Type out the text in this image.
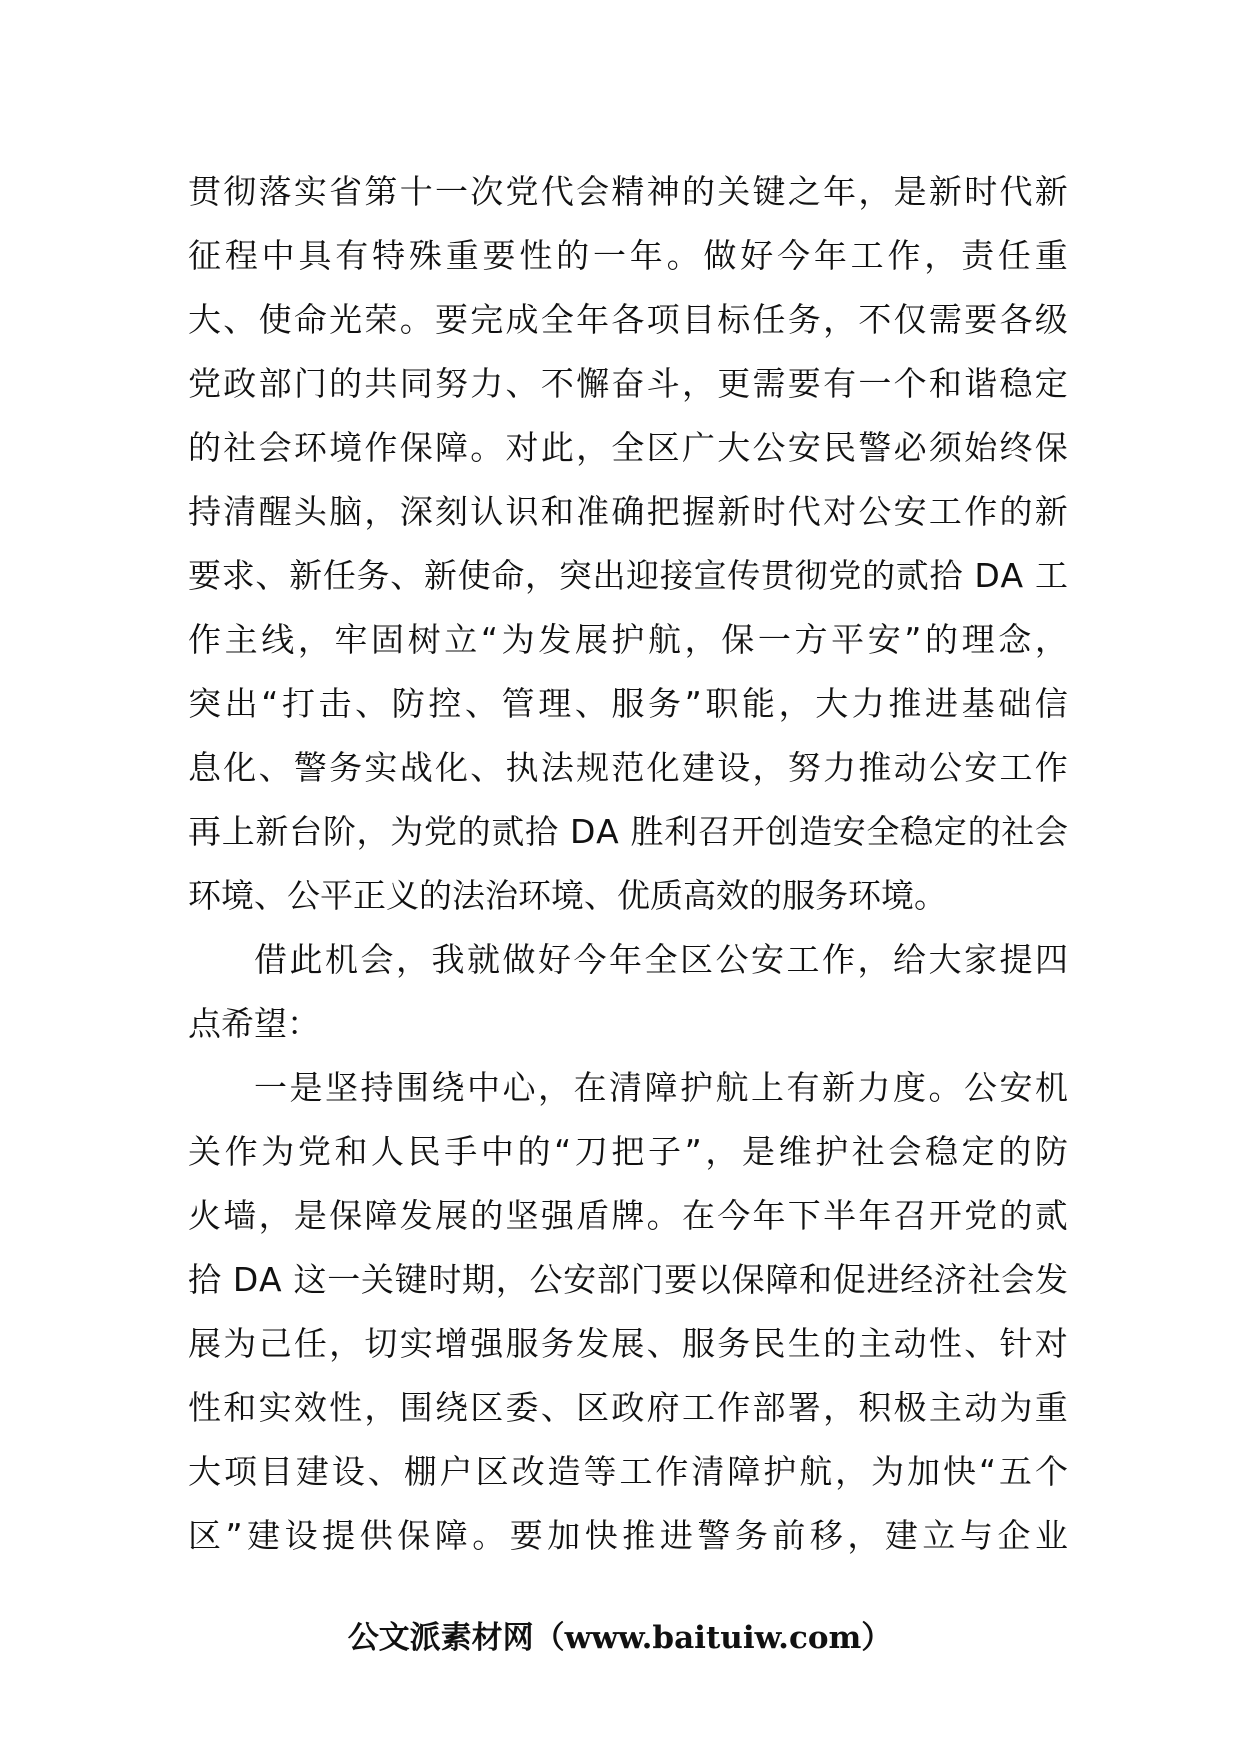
贯 彻 落 实 省 第 十 一 次 党 代 会 精 神 的 关 键 之 年 ， 是 新 时 代 新
征 程 中 具 有 特 殊 重 要 性 的 一 年 。 做 好 今 年 工 作 ， 责 任 重
大 、 使 命 光 荣 。 要 完 成 全 年 各 项 目 标 任 务 ， 不 仅 需 要 各 级
党 政 部 门 的 共 同 努 力 、 不 懈 奋 斗 ， 更 需 要 有 一 个 和 谐 稳 定
的 社 会 环 境 作 保 障 。 对 此 ， 全 区 广 大 公 安 民 警 必 须 始 终 保
持 清 醒 头 脑 ， 深 刻 认 识 和 准 确 把 握 新 时 代 对 公 安 工 作 的 新
要 求 、 新 任 务 、 新 使 命 ， 突 出 迎 接 宣 传 贯 彻 党 的 贰 拾
D A
工
作 主 线 ， 牢 固 树 立 “ 为 发 展 护 航 ， 保 一 方 平 安 ” 的 理 念 ，
突 出 “ 打 击 、 防 控 、 管 理 、 服 务 ” 职 能 ， 大 力 推 进 基 础 信
息 化 、 警 务 实 战 化 、 执 法 规 范 化 建 设 ， 努 力 推 动 公 安 工 作
再 上 新 台 阶 ， 为 党 的 贰 拾
D A
胜 利 召 开 创 造 安 全 稳 定 的 社 会
环境、公平正义的法治环境、优质高效的服务环境。
借 此 机 会 ， 我 就 做 好 今 年 全 区 公 安 工 作 ， 给 大 家 提 四
点希望：
一 是 坚 持 围 绕 中 心 ， 在 清 障 护 航 上 有 新 力 度 。 公 安 机
关 作 为 党 和 人 民 手 中 的 “ 刀 把 子 ” ， 是 维 护 社 会 稳 定 的 防
火 墙 ， 是 保 障 发 展 的 坚 强 盾 牌 。 在 今 年 下 半 年 召 开 党 的 贰
拾
D A
这 一 关 键 时 期 ， 公 安 部 门 要 以 保 障 和 促 进 经 济 社 会 发
展 为 己 任 ， 切 实 增 强 服 务 发 展 、 服 务 民 生 的 主 动 性 、 针 对
性 和 实 效 性 ， 围 绕 区 委 、 区 政 府 工 作 部 署 ， 积 极 主 动 为 重
大 项 目 建 设 、 棚 户 区 改 造 等 工 作 清 障 护 航 ， 为 加 快 “ 五 个
区 ” 建 设 提 供 保 障 。 要 加 快 推 进 警 务 前 移 ， 建 立 与 企 业
公文派素材网（www.baituiw.com）
